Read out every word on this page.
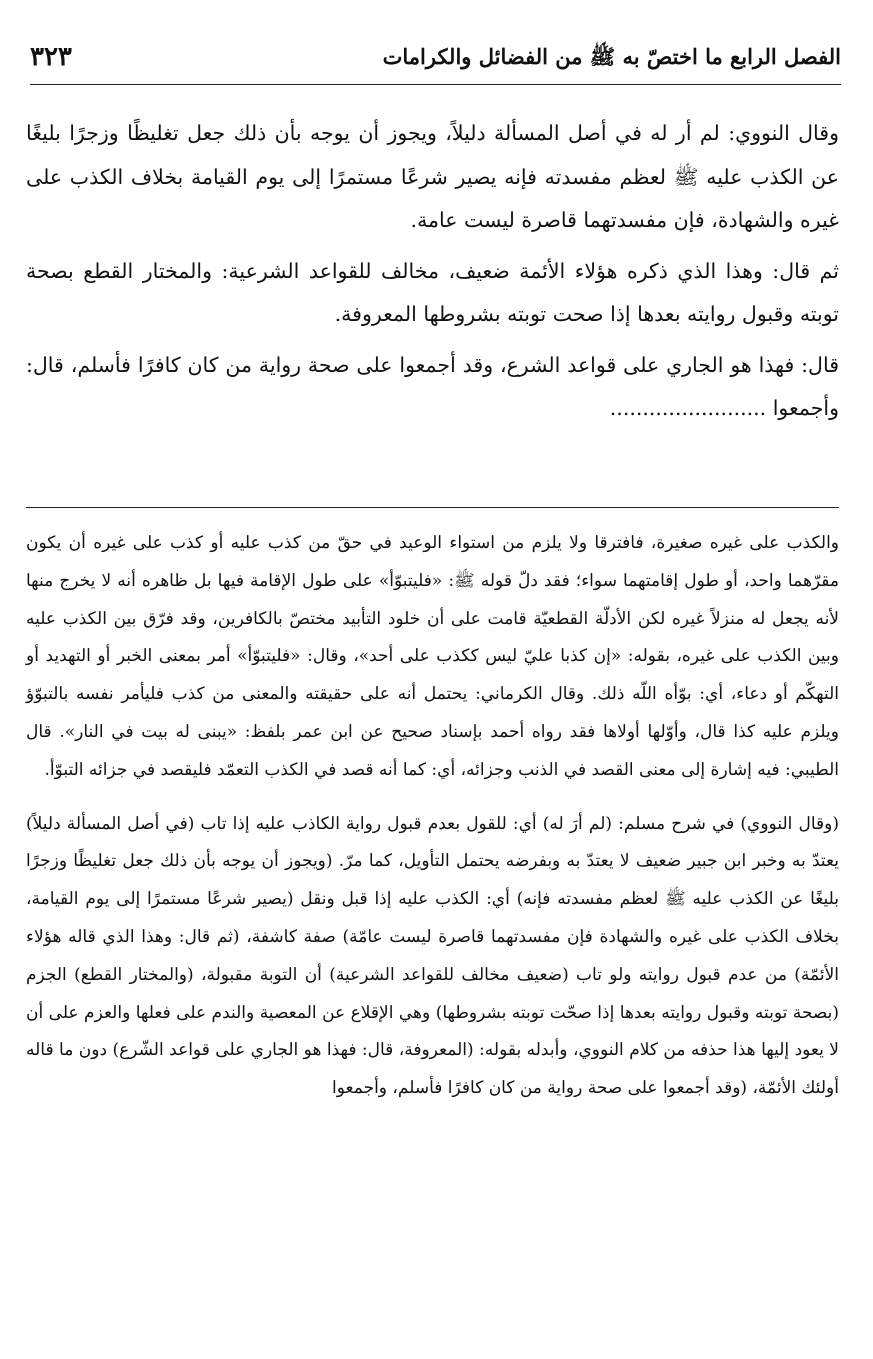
الفصل الرابع ما اختصّ به ﷺ من الفضائل والكرامات
٣٢٣

وقال النووي: لم أر له في أصل المسألة دليلاً، ويجوز أن يوجه بأن ذلك جعل تغليظًا وزجرًا بليغًا عن الكذب عليه ﷺ لعظم مفسدته فإنه يصير شرعًا مستمرًا إلى يوم القيامة بخلاف الكذب على غيره والشهادة، فإن مفسدتهما قاصرة ليست عامة.

ثم قال: وهذا الذي ذكره هؤلاء الأئمة ضعيف، مخالف للقواعد الشرعية: والمختار القطع بصحة توبته وقبول روايته بعدها إذا صحت توبته بشروطها المعروفة.

قال: فهذا هو الجاري على قواعد الشرع، وقد أجمعوا على صحة رواية من كان كافرًا فأسلم، قال: وأجمعوا ........................

والكذب على غيره صغيرة، فافترقا ولا يلزم من استواء الوعيد في حقّ من كذب عليه أو كذب على غيره أن يكون مقرّهما واحد، أو طول إقامتهما سواء؛ فقد دلّ قوله ﷺ: «فليتبوّأ» على طول الإقامة فيها بل ظاهره أنه لا يخرج منها لأنه يجعل له منزلاً غيره لكن الأدلّة القطعيّة قامت على أن خلود التأبيد مختصّ بالكافرين، وقد فرّق بين الكذب عليه وبين الكذب على غيره، بقوله: «إن كذبا عليّ ليس ككذب على أحد»، وقال: «فليتبوّأ» أمر بمعنى الخبر أو التهديد أو التهكّم أو دعاء، أي: بوّأه اللّه ذلك. وقال الكرماني: يحتمل أنه على حقيقته والمعنى من كذب فليأمر نفسه بالتبوّؤ ويلزم عليه كذا قال، وأوّلها أولاها فقد رواه أحمد بإسناد صحيح عن ابن عمر بلفظ: «يبنى له بيت في النار». قال الطيبي: فيه إشارة إلى معنى القصد في الذنب وجزائه، أي: كما أنه قصد في الكذب التعمّد فليقصد في جزائه التبوّأ.

(وقال النووي) في شرح مسلم: (لم أرَ له) أي: للقول بعدم قبول رواية الكاذب عليه إذا تاب (في أصل المسألة دليلاً) يعتدّ به وخبر ابن جبير ضعيف لا يعتدّ به وبفرضه يحتمل التأويل، كما مرّ. (ويجوز أن يوجه بأن ذلك جعل تغليظًا وزجرًا بليغًا عن الكذب عليه ﷺ لعظم مفسدته فإنه) أي: الكذب عليه إذا قبل ونقل (يصير شرعًا مستمرًا إلى يوم القيامة، بخلاف الكذب على غيره والشهادة فإن مفسدتهما قاصرة ليست عامّة) صفة كاشفة، (ثم قال: وهذا الذي قاله هؤلاء الأئمّة) من عدم قبول روايته ولو تاب (ضعيف مخالف للقواعد الشرعية) أن التوبة مقبولة، (والمختار القطع) الجزم (بصحة توبته وقبول روايته بعدها إذا صحّت توبته بشروطها) وهي الإقلاع عن المعصية والندم على فعلها والعزم على أن لا يعود إليها هذا حذفه من كلام النووي، وأبدله بقوله: (المعروفة، قال: فهذا هو الجاري على قواعد الشّرع) دون ما قاله أولئك الأئمّة، (وقد أجمعوا على صحة رواية من كان كافرًا فأسلم، وأجمعوا
